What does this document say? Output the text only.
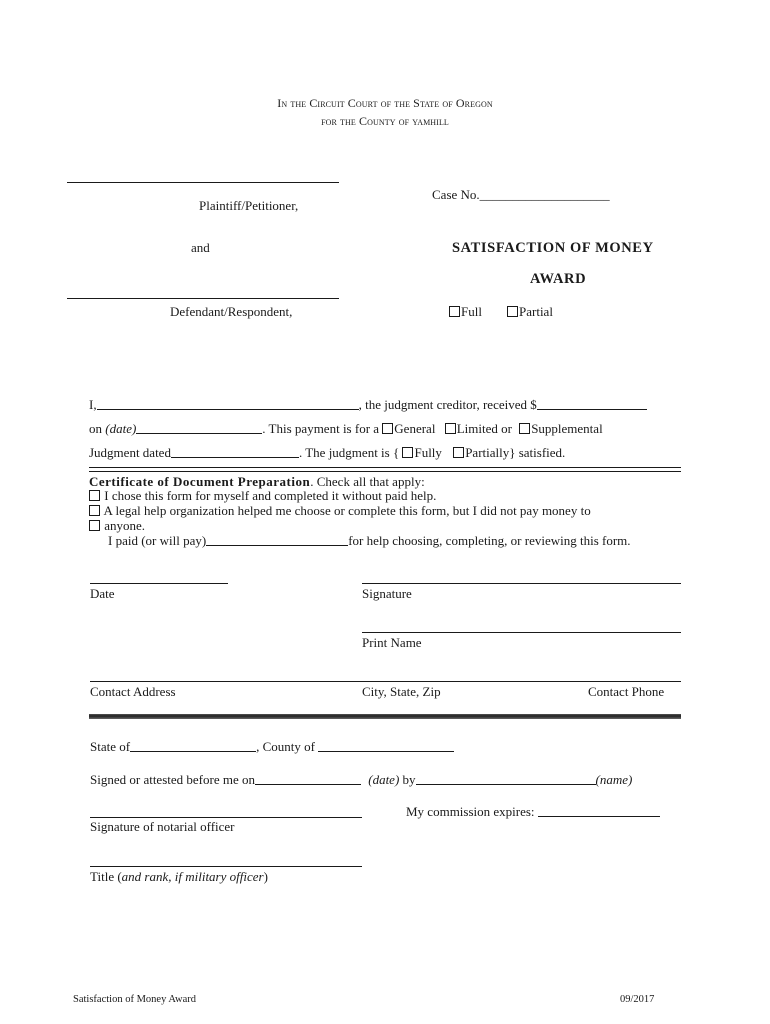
In the Circuit Court of the State of Oregon
for the County of yamhill
Plaintiff/Petitioner,
and
Defendant/Respondent,
Case No.____________________
SATISFACTION OF MONEY
AWARD
Full	Partial
I,	, the judgment creditor, received $
on (date)	. This payment is for a General Limited or Supplemental
Judgment dated	. The judgment is { Fully Partially} satisfied.
Certificate of Document Preparation. Check all that apply:
I chose this form for myself and completed it without paid help.
A legal help organization helped me choose or complete this form, but I did not pay money to
anyone.
I paid (or will pay)	for help choosing, completing, or reviewing this form.
Date	Signature
Print Name
Contact Address	City, State, Zip	Contact Phone
State of	, County of
Signed or attested before me on	(date) by	(name)
Signature of notarial officer
My commission expires:
Title (and rank, if military officer)
Satisfaction of Money Award	09/2017
